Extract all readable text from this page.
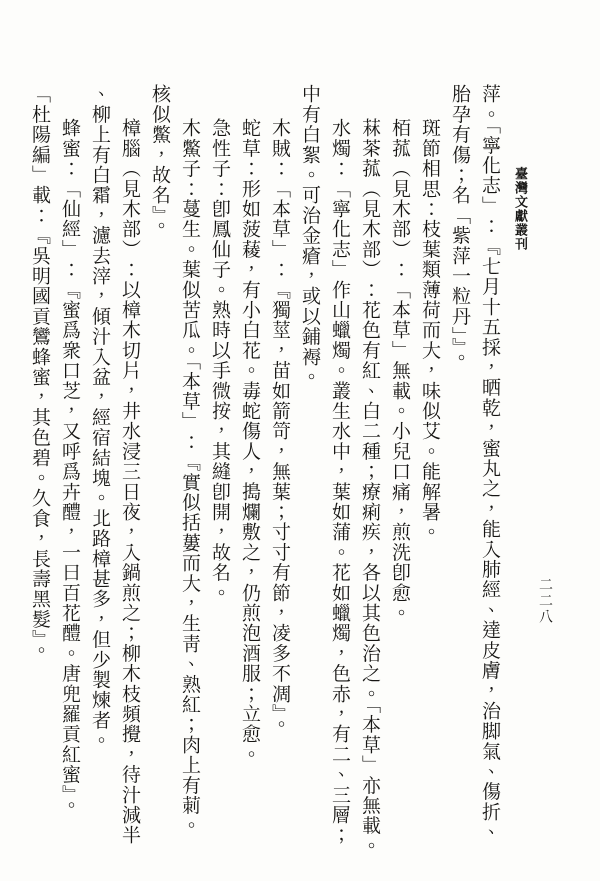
臺灣文獻叢刊
二二八

萍。「寧化志」：『七月十五採，晒乾，蜜丸之，能入肺經、達皮膚，治脚氣、傷折、

胎孕有傷；名「紫萍一粒丹」』。

斑節相思：枝葉類薄荷而大，味似艾。能解暑。

栢菰（見木部）：「本草」無載。小兒口痛，煎洗卽愈。

菻茶菰（見木部）：花色有紅、白二種；療痢疾，各以其色治之。「本草」亦無載。

水燭：「寧化志」作山蠟燭。叢生水中，葉如蒲。花如蠟燭，色赤，有二、三層；

中有白絮。可治金瘡，或以鋪褥。

木賊：「本草」：『獨莖，苗如箭笴，無葉；寸寸有節，凌多不凋』。

蛇草：形如菠薐，有小白花。毒蛇傷人，搗爛敷之，仍煎泡酒服；立愈。

急性子：卽鳳仙子。熟時以手微按，其縫卽開，故名。

木鱉子：蔓生。葉似苦瓜。「本草」：『實似括蔞而大，生靑、熟紅；肉上有莿。

核似鱉，故名』。

樟腦（見木部）：以樟木切片，井水浸三日夜，入鍋煎之；柳木枝頻攪，待汁減半

、柳上有白霜，濾去滓，傾汁入盆，經宿結塊。北路樟甚多，但少製煉者。

蜂蜜：「仙經」：『蜜爲衆口芝，又呼爲卉醴，一曰百花醴。唐兜羅貢紅蜜』。

「杜陽編」載：『吳明國貢鸞蜂蜜，其色碧。久食，長壽黑髮』。
